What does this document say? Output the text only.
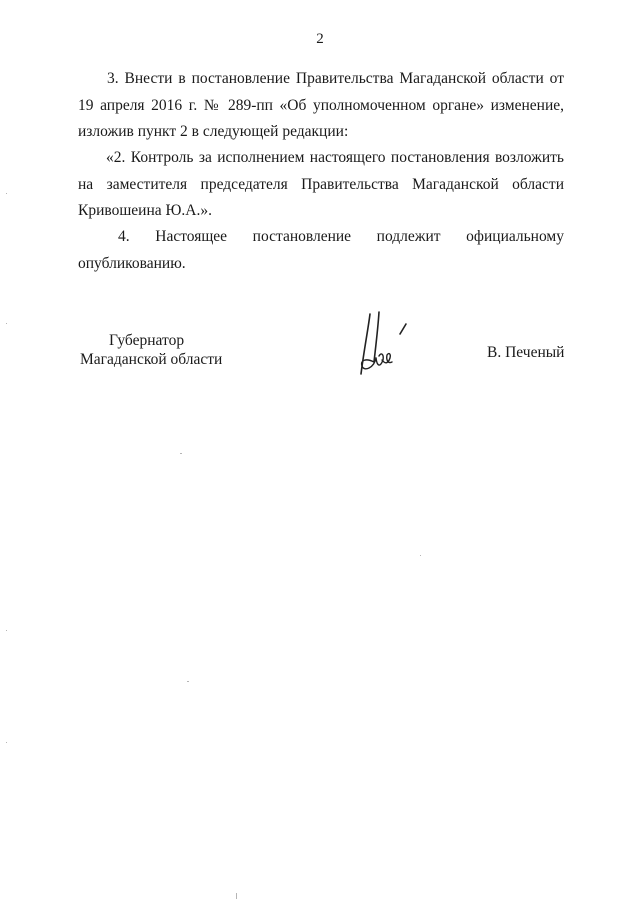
2

3. Внести в постановление Правительства Магаданской области от 19 апреля 2016 г. № 289-пп «Об уполномоченном органе» изменение, изложив пункт 2 в следующей редакции:

«2. Контроль за исполнением настоящего постановления возложить на заместителя председателя Правительства Магаданской области Кривошеина Ю.А.».

4. Настоящее постановление подлежит официальному опубликованию.

Губернатор
Магаданской области	В. Печеный
